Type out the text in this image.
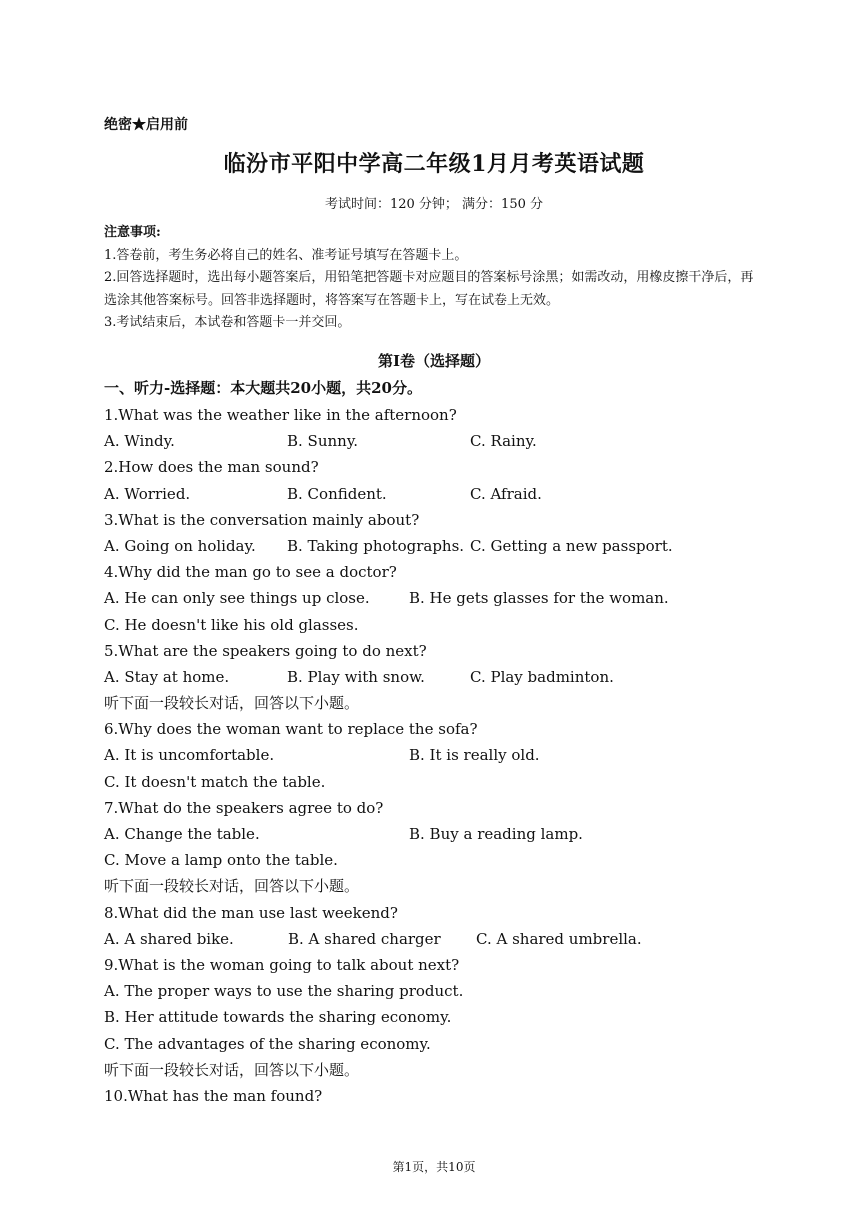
绝密★启用前
临汾市平阳中学高二年级1月月考英语试题
考试时间：120 分钟； 满分：150 分
注意事项:
1.答卷前，考生务必将自己的姓名、准考证号填写在答题卡上。
2.回答选择题时，选出每小题答案后，用铅笔把答题卡对应题目的答案标号涂黑；如需改动，用橡皮擦干净后，再选涂其他答案标号。回答非选择题时，将答案写在答题卡上，写在试卷上无效。
3.考试结束后，本试卷和答题卡一并交回。
第I卷（选择题）
一、听力-选择题：本大题共20小题，共20分。
1.What was the weather like in the afternoon?
A. Windy.	B. Sunny.	C. Rainy.
2.How does the man sound?
A. Worried.	B. Confident.	C. Afraid.
3.What is the conversation mainly about?
A. Going on holiday. B. Taking photographs. C. Getting a new passport.
4.Why did the man go to see a doctor?
A. He can only see things up close.	B. He gets glasses for the woman.
C. He doesn't like his old glasses.
5.What are the speakers going to do next?
A. Stay at home.	B. Play with snow.	C. Play badminton.
听下面一段较长对话，回答以下小题。
6.Why does the woman want to replace the sofa?
A. It is uncomfortable.	B. It is really old.
C. It doesn't match the table.
7.What do the speakers agree to do?
A. Change the table.	B. Buy a reading lamp.
C. Move a lamp onto the table.
听下面一段较长对话，回答以下小题。
8.What did the man use last weekend?
A. A shared bike.	B. A shared charger C. A shared umbrella.
9.What is the woman going to talk about next?
A. The proper ways to use the sharing product.
B. Her attitude towards the sharing economy.
C. The advantages of the sharing economy.
听下面一段较长对话，回答以下小题。
10.What has the man found?
第1页，共10页
